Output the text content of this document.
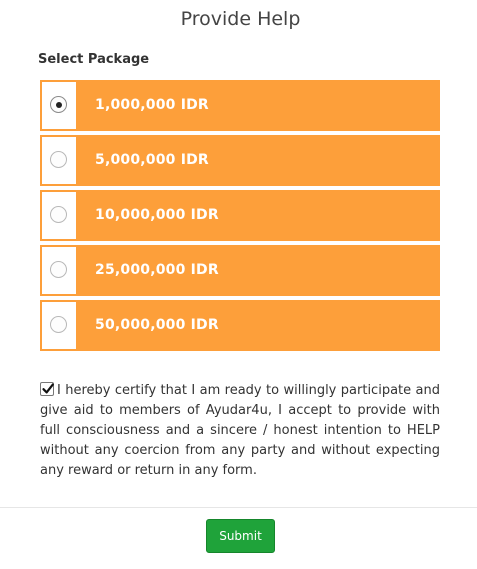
Provide Help
Select Package
1,000,000 IDR
5,000,000 IDR
10,000,000 IDR
25,000,000 IDR
50,000,000 IDR
I hereby certify that I am ready to willingly participate and give aid to members of Ayudar4u, I accept to provide with full consciousness and a sincere / honest intention to HELP without any coercion from any party and without expecting any reward or return in any form.
Submit
